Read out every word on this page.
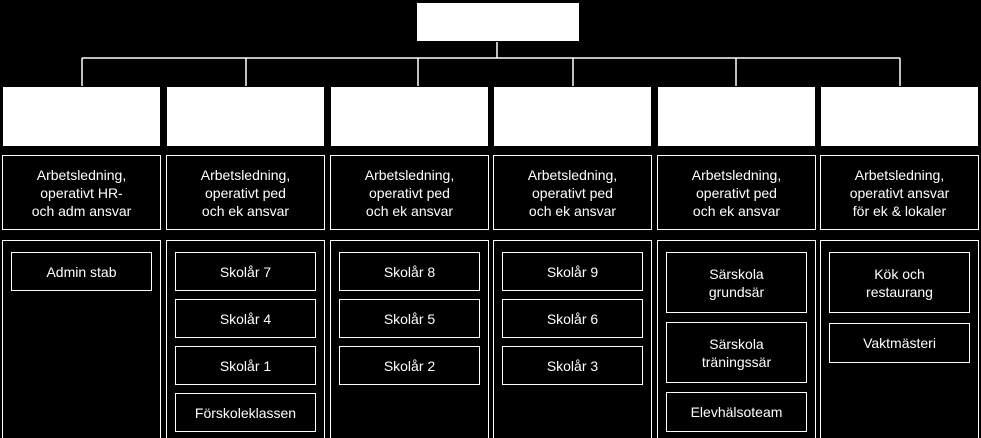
Arbetsledning,
operativt HR-
och adm ansvar
Admin stab
Arbetsledning,
operativt ped
och ek ansvar
Skolår 7
Skolår 4
Skolår 1
Förskoleklassen
Arbetsledning,
operativt ped
och ek ansvar
Skolår 8
Skolår 5
Skolår 2
Arbetsledning,
operativt ped
och ek ansvar
Skolår 9
Skolår 6
Skolår 3
Arbetsledning,
operativt ped
och ek ansvar
Särskola
grundsär
Särskola
träningssär
Elevhälsoteam
Arbetsledning,
operativt ansvar
för ek & lokaler
Kök och
restaurang
Vaktmästeri
